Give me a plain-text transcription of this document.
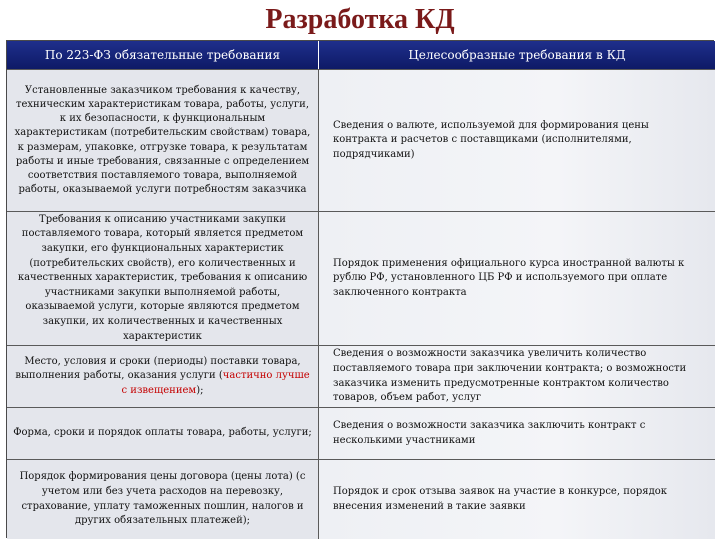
Разработка КД
По 223-ФЗ обязательные требования	Целесообразные требования в КД
Установленные заказчиком требования к качеству, техническим характеристикам товара, работы, услуги, к их безопасности, к функциональным характеристикам (потребительским свойствам) товара, к размерам, упаковке, отгрузке товара, к результатам работы и иные требования, связанные с определением соответствия поставляемого товара, выполняемой работы, оказываемой услуги потребностям заказчика
Сведения о валюте, используемой для формирования цены контракта и расчетов с поставщиками (исполнителями, подрядчиками)
Требования к описанию участниками закупки поставляемого товара, который является предметом закупки, его функциональных характеристик (потребительских свойств), его количественных и качественных характеристик, требования к описанию участниками закупки выполняемой работы, оказываемой услуги, которые являются предметом закупки, их количественных и качественных характеристик
Порядок применения официального курса иностранной валюты к рублю РФ, установленного ЦБ РФ и используемого при оплате заключенного контракта
Место, условия и сроки (периоды) поставки товара, выполнения работы, оказания услуги (частично лучше с извещением);
Сведения о возможности заказчика увеличить количество поставляемого товара при заключении контракта; о возможности заказчика изменить предусмотренные контрактом количество товаров, объем работ, услуг
Форма, сроки и порядок оплаты товара, работы, услуги;
Сведения о возможности заказчика заключить контракт с несколькими участниками
Порядок формирования цены договора (цены лота) (с учетом или без учета расходов на перевозку, страхование, уплату таможенных пошлин, налогов и других обязательных платежей);
Порядок и срок отзыва заявок на участие в конкурсе, порядок внесения изменений в такие заявки
